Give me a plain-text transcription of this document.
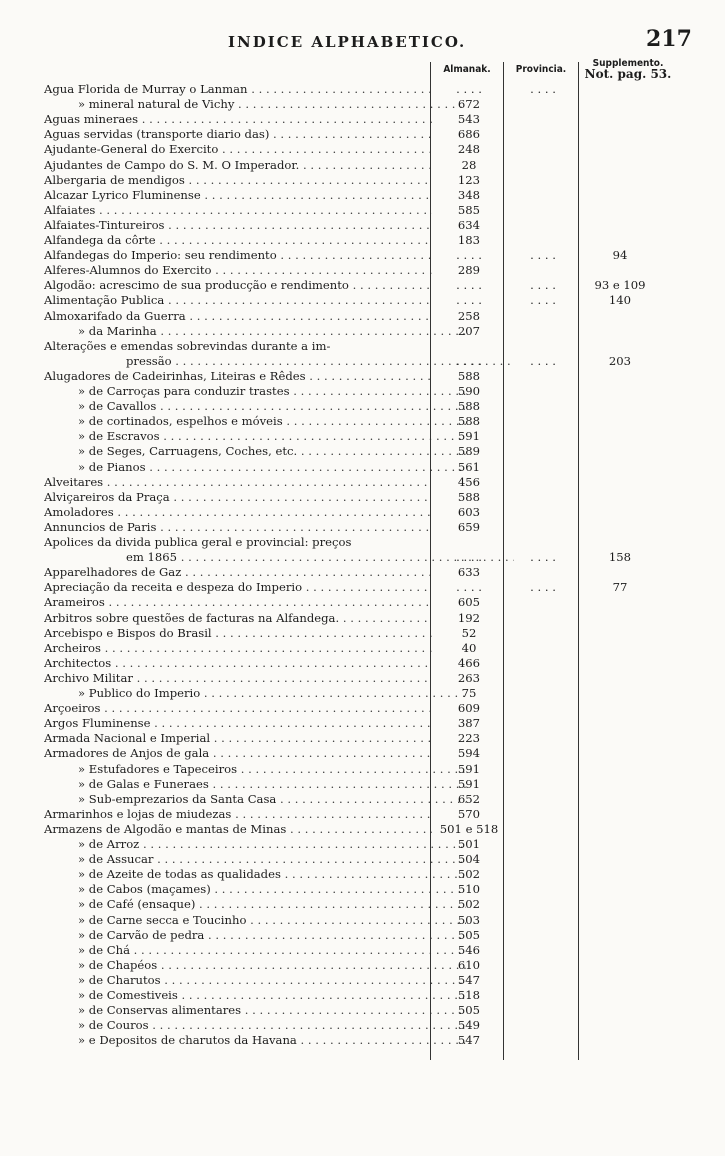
INDICE ALPHABETICO.	217
Almanak.	Provincia.
Supplemento.
Not. pag. 53.
Agua Florida de Murray o Lanman . . .	. . . .	. . . .
» mineral natural de Vichy . . .	672
Aguas mineraes . . .	543
Aguas servidas (transporte diario das) . . .	686
Ajudante-General do Exercito . . .	248
Ajudantes de Campo do S. M. O Imperador. . . .	28
Albergaria de mendigos . . .	123
Alcazar Lyrico Fluminense . . .	348
Alfaiates . . .	585
Alfaiates-Tintureiros . . .	634
Alfandega da côrte . . .	183
Alfandegas do Imperio: seu rendimento . . .	. . . .	. . . .	94
Alferes-Alumnos do Exercito . . .	289
Algodão: acrescimo de sua producção e rendimento . . .	. . . .	. . . .	93 e 109
Alimentação Publica . . .	. . . .	. . . .	140
Almoxarifado da Guerra . . .	258
» da Marinha . . .	207
Alterações e emendas sobrevindas durante a im-
pressão . . .	. . . .	. . . .	203
Alugadores de Cadeirinhas, Liteiras e Rêdes . . .	588
» de Carroças para conduzir trastes . . .	590
» de Cavallos . . .	588
» de cortinados, espelhos e móveis . . .	588
» de Escravos . . .	591
» de Seges, Carruagens, Coches, etc. . . .	589
» de Pianos . . .	561
Alveitares . . .	456
Alviçareiros da Praça . . .	588
Amoladores . . .	603
Annuncios de Paris . . .	659
Apolices da divida publica geral e provincial: preços
em 1865 . . .	. . . .	. . . .	158
Apparelhadores de Gaz . . .	633
Apreciação da receita e despeza do Imperio . . .	. . . .	. . . .	77
Arameiros . . .	605
Arbitros sobre questões de facturas na Alfandega. . . .	192
Arcebispo e Bispos do Brasil . . .	52
Archeiros . . .	40
Architectos . . .	466
Archivo Militar . . .	263
» Publico do Imperio . . .	75
Arçoeiros . . .	609
Argos Fluminense . . .	387
Armada Nacional e Imperial . . .	223
Armadores de Anjos de gala . . .	594
» Estufadores e Tapeceiros . . .	591
» de Galas e Funeraes . . .	591
» Sub-emprezarios da Santa Casa . . .	652
Armarinhos e lojas de miudezas . . .	570
Armazens de Algodão e mantas de Minas . . .	501 e 518
» de Arroz . . .	501
» de Assucar . . .	504
» de Azeite de todas as qualidades . . .	502
» de Cabos (maçames) . . .	510
» de Café (ensaque) . . .	502
» de Carne secca e Toucinho . . .	503
» de Carvão de pedra . . .	505
» de Chá . . .	546
» de Chapéos . . .	610
» de Charutos . . .	547
» de Comestiveis . . .	518
» de Conservas alimentares . . .	505
» de Couros . . .	549
» e Depositos de charutos da Havana . . .	547
